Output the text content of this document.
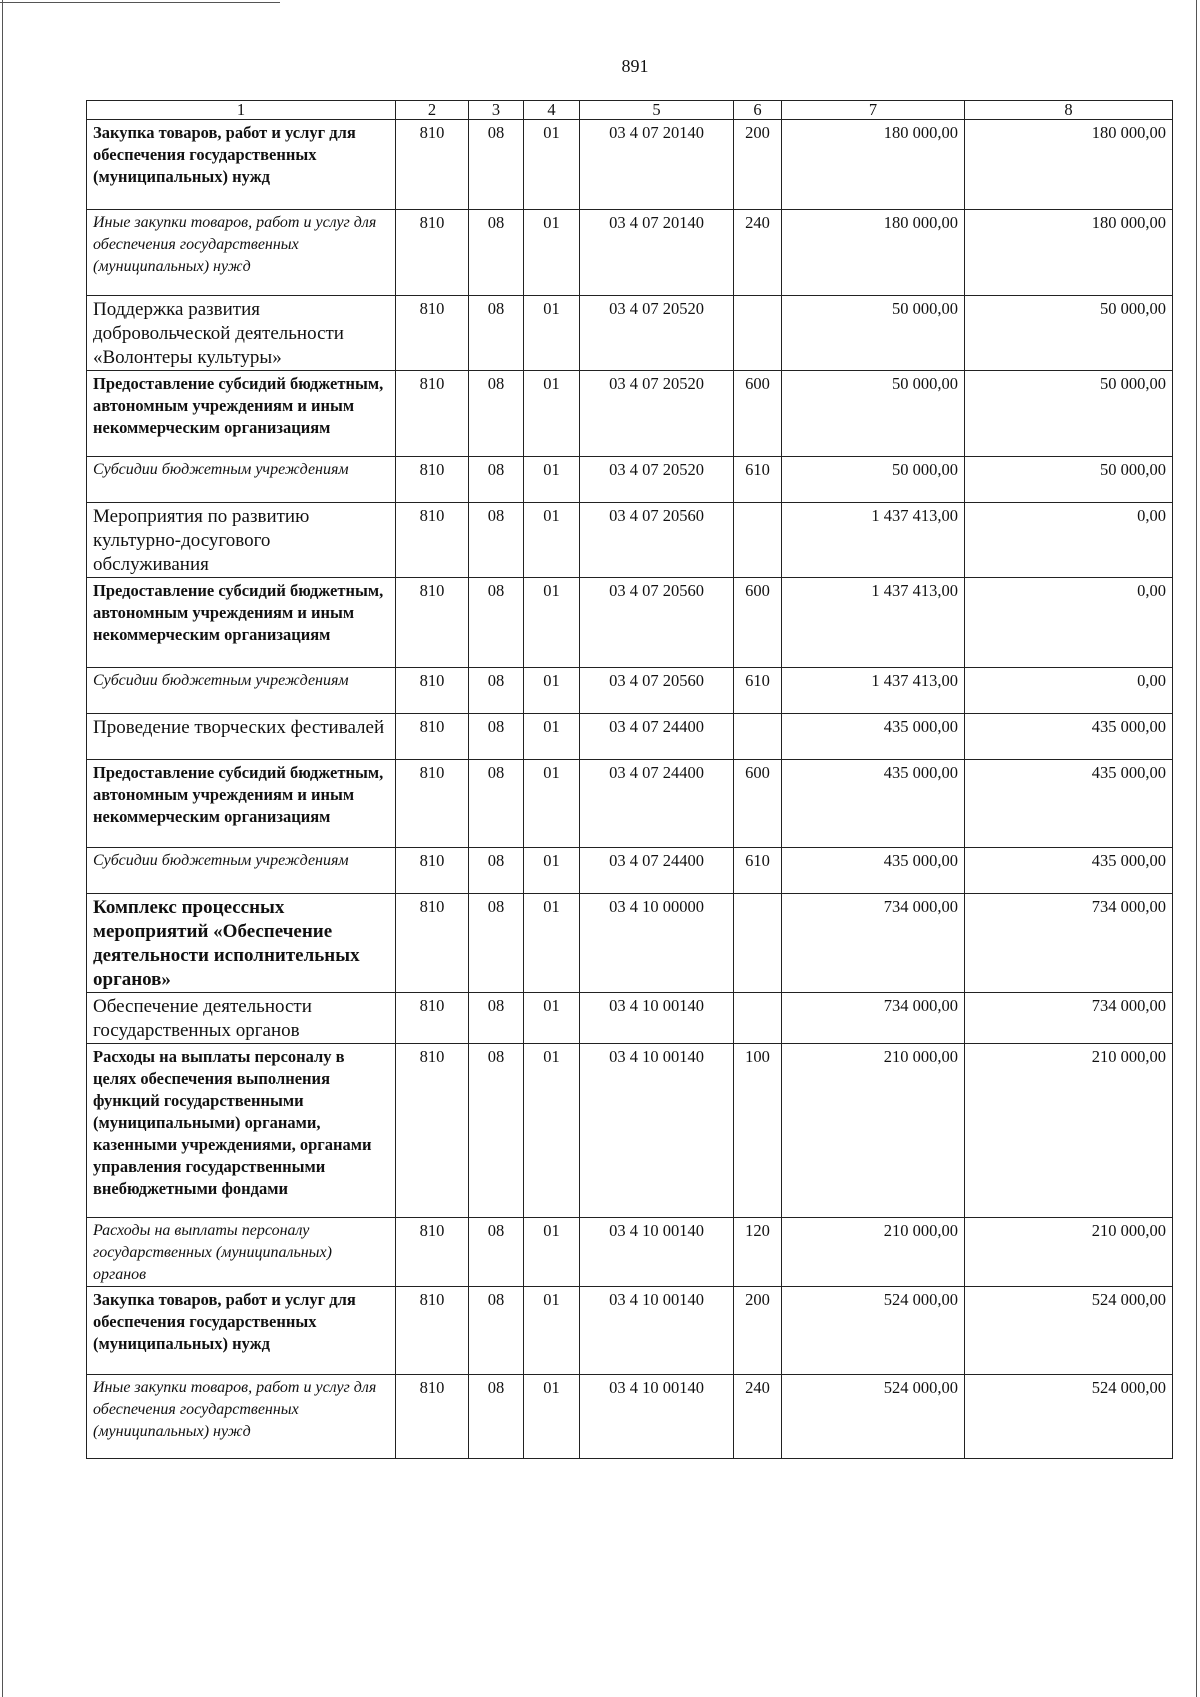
891
1	2	3	4	5	6	7	8
Закупка товаров, работ и услуг для обеспечения государственных (муниципальных) нужд	810	08	01	03 4 07 20140	200	180 000,00	180 000,00
Иные закупки товаров, работ и услуг для обеспечения государственных (муниципальных) нужд	810	08	01	03 4 07 20140	240	180 000,00	180 000,00
Поддержка развития добровольческой деятельности «Волонтеры культуры»	810	08	01	03 4 07 20520		50 000,00	50 000,00
Предоставление субсидий бюджетным, автономным учреждениям и иным некоммерческим организациям	810	08	01	03 4 07 20520	600	50 000,00	50 000,00
Субсидии бюджетным учреждениям	810	08	01	03 4 07 20520	610	50 000,00	50 000,00
Мероприятия по развитию культурно-досугового обслуживания	810	08	01	03 4 07 20560		1 437 413,00	0,00
Предоставление субсидий бюджетным, автономным учреждениям и иным некоммерческим организациям	810	08	01	03 4 07 20560	600	1 437 413,00	0,00
Субсидии бюджетным учреждениям	810	08	01	03 4 07 20560	610	1 437 413,00	0,00
Проведение творческих фестивалей	810	08	01	03 4 07 24400		435 000,00	435 000,00
Предоставление субсидий бюджетным, автономным учреждениям и иным некоммерческим организациям	810	08	01	03 4 07 24400	600	435 000,00	435 000,00
Субсидии бюджетным учреждениям	810	08	01	03 4 07 24400	610	435 000,00	435 000,00
Комплекс процессных мероприятий «Обеспечение деятельности исполнительных органов»	810	08	01	03 4 10 00000		734 000,00	734 000,00
Обеспечение деятельности государственных органов	810	08	01	03 4 10 00140		734 000,00	734 000,00
Расходы на выплаты персоналу в целях обеспечения выполнения функций государственными (муниципальными) органами, казенными учреждениями, органами управления государственными внебюджетными фондами	810	08	01	03 4 10 00140	100	210 000,00	210 000,00
Расходы на выплаты персоналу государственных (муниципальных) органов	810	08	01	03 4 10 00140	120	210 000,00	210 000,00
Закупка товаров, работ и услуг для обеспечения государственных (муниципальных) нужд	810	08	01	03 4 10 00140	200	524 000,00	524 000,00
Иные закупки товаров, работ и услуг для обеспечения государственных (муниципальных) нужд	810	08	01	03 4 10 00140	240	524 000,00	524 000,00
